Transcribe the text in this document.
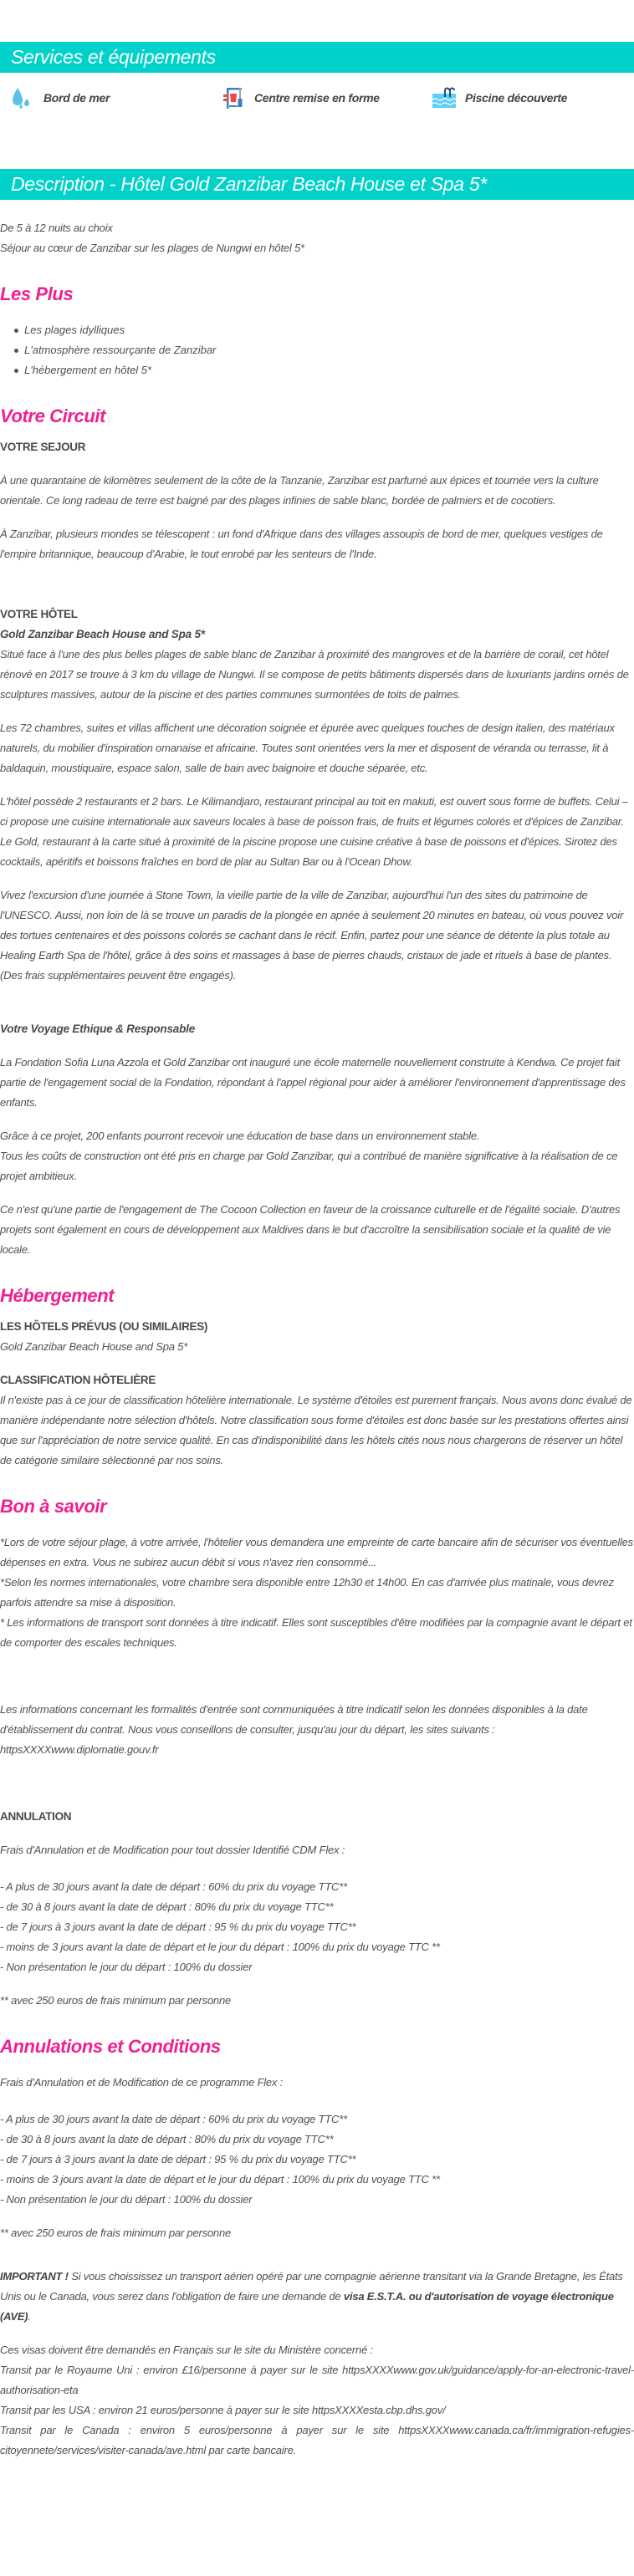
Services et équipements
Bord de mer	Centre remise en forme	Piscine découverte
Description - Hôtel Gold Zanzibar Beach House et Spa 5*

De 5 à 12 nuits au choix

Séjour au cœur de Zanzibar sur les plages de Nungwi en hôtel 5*

Les Plus
Les plages idylliques
L'atmosphère ressourçante de Zanzibar
L'hébergement en hôtel 5*
Votre Circuit

VOTRE SEJOUR

À une quarantaine de kilomètres seulement de la côte de la Tanzanie, Zanzibar est parfumé aux épices et tournée vers la culture orientale. Ce long radeau de terre est baigné par des plages infinies de sable blanc, bordée de palmiers et de cocotiers.

À Zanzibar, plusieurs mondes se télescopent : un fond d'Afrique dans des villages assoupis de bord de mer, quelques vestiges de l'empire britannique, beaucoup d'Arabie, le tout enrobé par les senteurs de l'Inde.

VOTRE HÔTEL

Gold Zanzibar Beach House and Spa 5*

Situé face à l'une des plus belles plages de sable blanc de Zanzibar à proximité des mangroves et de la barrière de corail, cet hôtel rénové en 2017 se trouve à 3 km du village de Nungwi. Il se compose de petits bâtiments dispersés dans de luxuriants jardins ornés de sculptures massives, autour de la piscine et des parties communes surmontées de toits de palmes.

Les 72 chambres, suites et villas affichent une décoration soignée et épurée avec quelques touches de design italien, des matériaux naturels, du mobilier d'inspiration omanaise et africaine. Toutes sont orientées vers la mer et disposent de véranda ou terrasse, lit à baldaquin, moustiquaire, espace salon, salle de bain avec baignoire et douche séparée, etc.

L'hôtel possède 2 restaurants et 2 bars. Le Kilimandjaro, restaurant principal au toit en makuti, est ouvert sous forme de buffets. Celui –ci propose une cuisine internationale aux saveurs locales à base de poisson frais, de fruits et légumes colorés et d'épices de Zanzibar. Le Gold, restaurant à la carte situé à proximité de la piscine propose une cuisine créative à base de poissons et d'épices. Sirotez des cocktails, apéritifs et boissons fraîches en bord de plar au Sultan Bar ou à l'Ocean Dhow.

Vivez l'excursion d'une journée à Stone Town, la vieille partie de la ville de Zanzibar, aujourd'hui l'un des sites du patrimoine de l'UNESCO. Aussi, non loin de là se trouve un paradis de la plongée en apnée à seulement 20 minutes en bateau, où vous pouvez voir des tortues centenaires et des poissons colorés se cachant dans le récif. Enfin, partez pour une séance de détente la plus totale au Healing Earth Spa de l'hôtel, grâce à des soins et massages à base de pierres chauds, cristaux de jade et rituels à base de plantes. (Des frais supplémentaires peuvent être engagés).

Votre Voyage Ethique & Responsable

La Fondation Sofia Luna Azzola et Gold Zanzibar ont inauguré une école maternelle nouvellement construite à Kendwa. Ce projet fait partie de l'engagement social de la Fondation, répondant à l'appel régional pour aider à améliorer l'environnement d'apprentissage des enfants.

Grâce à ce projet, 200 enfants pourront recevoir une éducation de base dans un environnement stable.

Tous les coûts de construction ont été pris en charge par Gold Zanzibar, qui a contribué de manière significative à la réalisation de ce projet ambitieux.

Ce n'est qu'une partie de l'engagement de The Cocoon Collection en faveur de la croissance culturelle et de l'égalité sociale. D'autres projets sont également en cours de développement aux Maldives dans le but d'accroître la sensibilisation sociale et la qualité de vie locale.

Hébergement

LES HÔTELS PRÉVUS (OU SIMILAIRES)

Gold Zanzibar Beach House and Spa 5*

CLASSIFICATION HÔTELIÈRE

Il n'existe pas à ce jour de classification hôtelière internationale. Le système d'étoiles est purement français. Nous avons donc évalué de manière indépendante notre sélection d'hôtels. Notre classification sous forme d'étoiles est donc basée sur les prestations offertes ainsi que sur l'appréciation de notre service qualité. En cas d'indisponibilité dans les hôtels cités nous nous chargerons de réserver un hôtel de catégorie similaire sélectionné par nos soins.

Bon à savoir

*Lors de votre séjour plage, à votre arrivée, l'hôtelier vous demandera une empreinte de carte bancaire afin de sécuriser vos éventuelles dépenses en extra. Vous ne subirez aucun débit si vous n'avez rien consommé...

*Selon les normes internationales, votre chambre sera disponible entre 12h30 et 14h00. En cas d'arrivée plus matinale, vous devrez parfois attendre sa mise à disposition.

* Les informations de transport sont données à titre indicatif. Elles sont susceptibles d'être modifiées par la compagnie avant le départ et de comporter des escales techniques.

Les informations concernant les formalités d'entrée sont communiquées à titre indicatif selon les données disponibles à la date d'établissement du contrat. Nous vous conseillons de consulter, jusqu'au jour du départ, les sites suivants :

httpsXXXXwww.diplomatie.gouv.fr

ANNULATION

Frais d'Annulation et de Modification pour tout dossier Identifié CDM Flex :

- A plus de 30 jours avant la date de départ : 60% du prix du voyage TTC**

- de 30 à 8 jours avant la date de départ : 80% du prix du voyage TTC**

- de 7 jours à 3 jours avant la date de départ : 95 % du prix du voyage TTC**

- moins de 3 jours avant la date de départ et le jour du départ : 100% du prix du voyage TTC **

- Non présentation le jour du départ : 100% du dossier

** avec 250 euros de frais minimum par personne

Annulations et Conditions

Frais d'Annulation et de Modification de ce programme Flex :

- A plus de 30 jours avant la date de départ : 60% du prix du voyage TTC**

- de 30 à 8 jours avant la date de départ : 80% du prix du voyage TTC**

- de 7 jours à 3 jours avant la date de départ : 95 % du prix du voyage TTC**

- moins de 3 jours avant la date de départ et le jour du départ : 100% du prix du voyage TTC **

- Non présentation le jour du départ : 100% du dossier

** avec 250 euros de frais minimum par personne

IMPORTANT ! Si vous choississez un transport aérien opéré par une compagnie aérienne transitant via la Grande Bretagne, les États Unis ou le Canada, vous serez dans l'obligation de faire une demande de visa E.S.T.A. ou d'autorisation de voyage électronique (AVE).

Ces visas doivent être demandés en Français sur le site du Ministère concerné :

Transit par le Royaume Uni : environ £16/personne à payer sur le site httpsXXXXwww.gov.uk/guidance/apply-for-an-electronic-travel-authorisation-eta

Transit par les USA : environ 21 euros/personne à payer sur le site httpsXXXXesta.cbp.dhs.gov/

Transit par le Canada : environ 5 euros/personne à payer sur le site httpsXXXXwww.canada.ca/fr/immigration-refugies-citoyennete/services/visiter-canada/ave.html par carte bancaire.
